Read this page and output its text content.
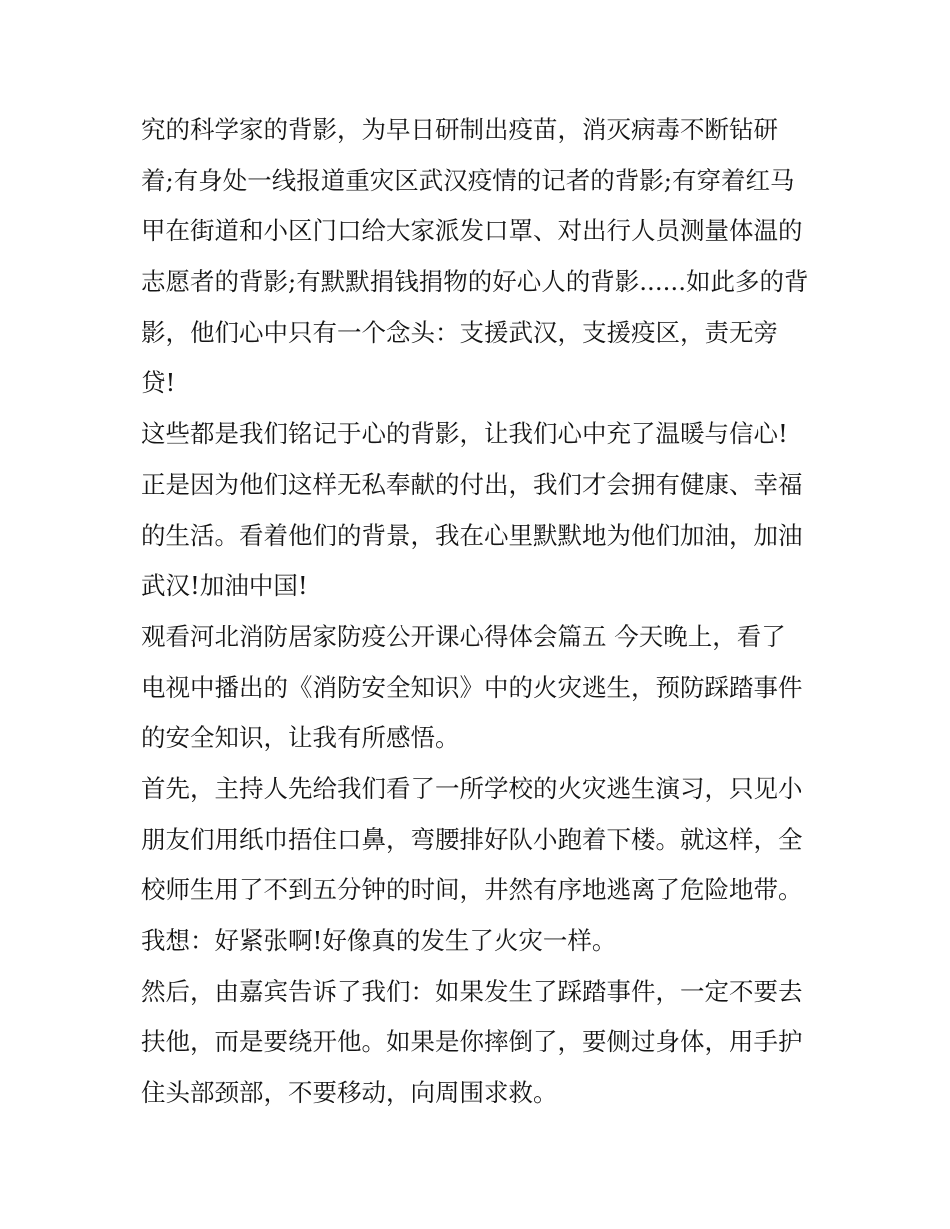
究的科学家的背影，为早日研制出疫苗，消灭病毒不断钻研
着;有身处一线报道重灾区武汉疫情的记者的背影;有穿着红马
甲在街道和小区门口给大家派发口罩、对出行人员测量体温的
志愿者的背影;有默默捐钱捐物的好心人的背影......如此多的背
影，他们心中只有一个念头：支援武汉，支援疫区，责无旁
贷!
这些都是我们铭记于心的背影，让我们心中充了温暖与信心!
正是因为他们这样无私奉献的付出，我们才会拥有健康、幸福
的生活。看着他们的背景，我在心里默默地为他们加油，加油
武汉!加油中国!
观看河北消防居家防疫公开课心得体会篇五 今天晚上，看了
电视中播出的《消防安全知识》中的火灾逃生，预防踩踏事件
的安全知识，让我有所感悟。
首先，主持人先给我们看了一所学校的火灾逃生演习，只见小
朋友们用纸巾捂住口鼻，弯腰排好队小跑着下楼。就这样，全
校师生用了不到五分钟的时间，井然有序地逃离了危险地带。
我想：好紧张啊!好像真的发生了火灾一样。
然后，由嘉宾告诉了我们：如果发生了踩踏事件，一定不要去
扶他，而是要绕开他。如果是你摔倒了，要侧过身体，用手护
住头部颈部，不要移动，向周围求救。
